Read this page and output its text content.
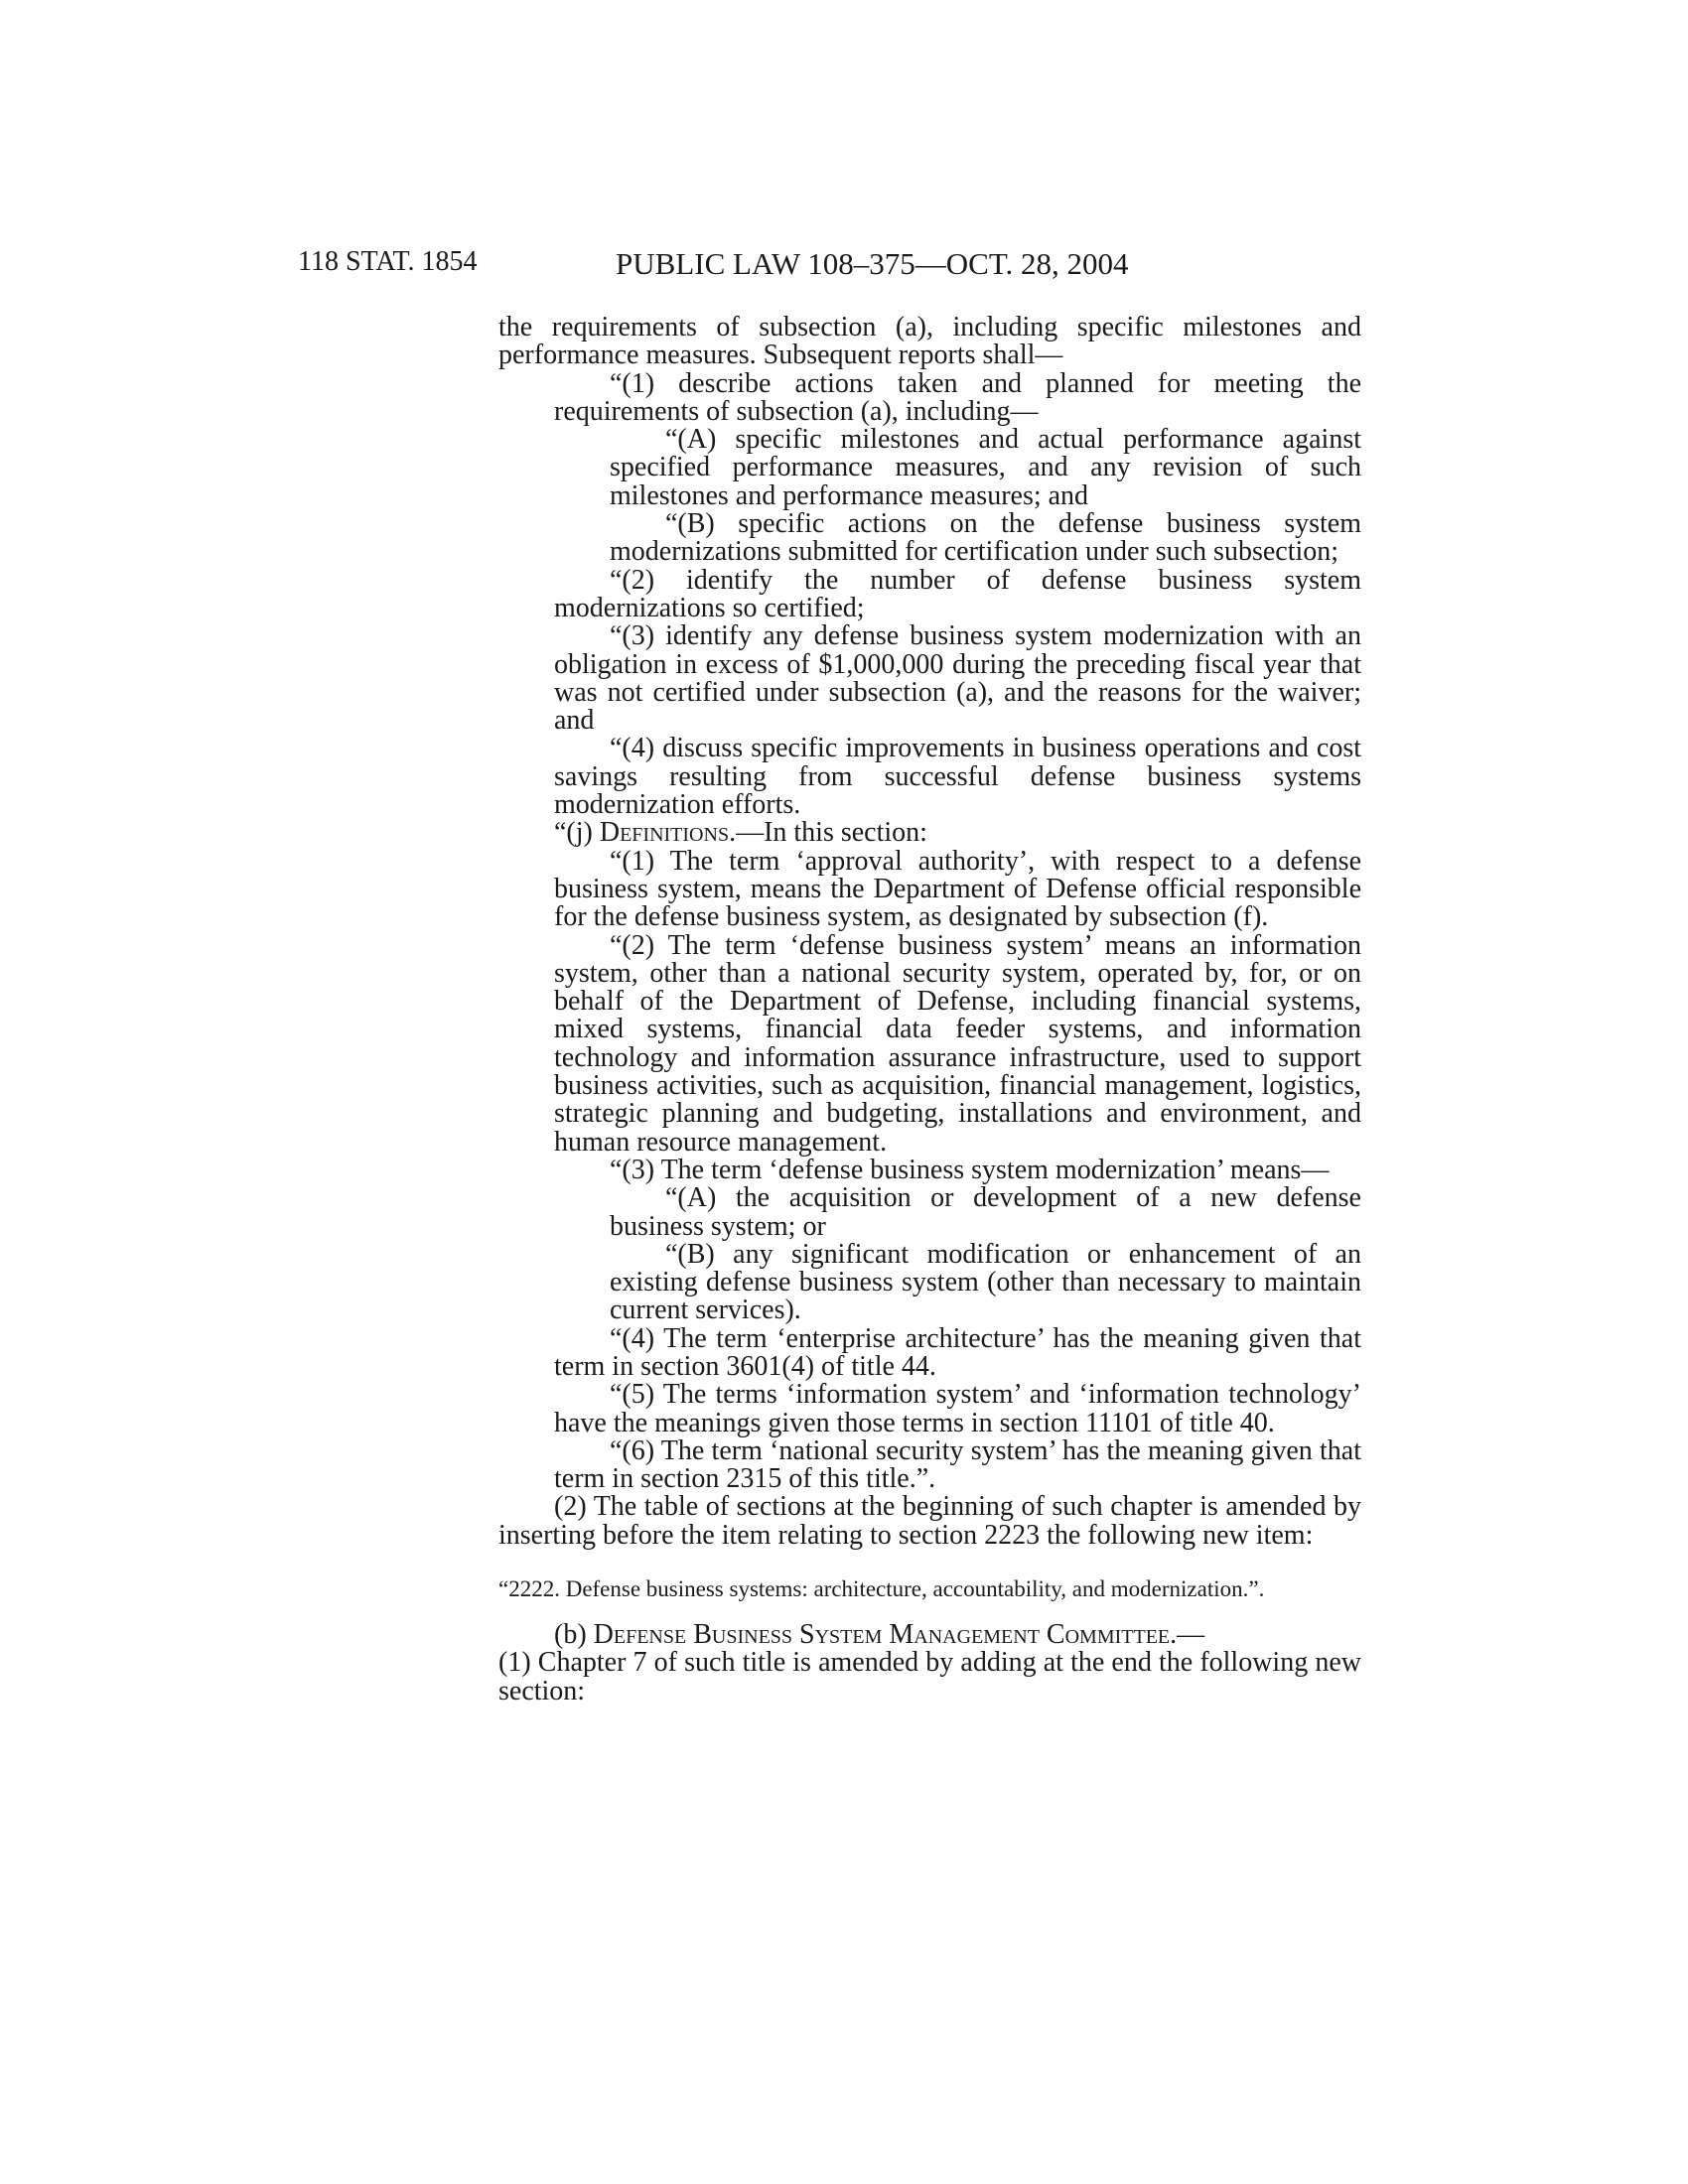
118 STAT. 1854	PUBLIC LAW 108–375—OCT. 28, 2004

the requirements of subsection (a), including specific milestones and performance measures. Subsequent reports shall—

“(1) describe actions taken and planned for meeting the requirements of subsection (a), including—

“(A) specific milestones and actual performance against specified performance measures, and any revision of such milestones and performance measures; and

“(B) specific actions on the defense business system modernizations submitted for certification under such subsection;

“(2) identify the number of defense business system modernizations so certified;

“(3) identify any defense business system modernization with an obligation in excess of $1,000,000 during the preceding fiscal year that was not certified under subsection (a), and the reasons for the waiver; and

“(4) discuss specific improvements in business operations and cost savings resulting from successful defense business systems modernization efforts.

“(j) Definitions.—In this section:

“(1) The term ‘approval authority’, with respect to a defense business system, means the Department of Defense official responsible for the defense business system, as designated by subsection (f).

“(2) The term ‘defense business system’ means an information system, other than a national security system, operated by, for, or on behalf of the Department of Defense, including financial systems, mixed systems, financial data feeder systems, and information technology and information assurance infrastructure, used to support business activities, such as acquisition, financial management, logistics, strategic planning and budgeting, installations and environment, and human resource management.

“(3) The term ‘defense business system modernization’ means—

“(A) the acquisition or development of a new defense business system; or

“(B) any significant modification or enhancement of an existing defense business system (other than necessary to maintain current services).

“(4) The term ‘enterprise architecture’ has the meaning given that term in section 3601(4) of title 44.

“(5) The terms ‘information system’ and ‘information technology’ have the meanings given those terms in section 11101 of title 40.

“(6) The term ‘national security system’ has the meaning given that term in section 2315 of this title.”.

(2) The table of sections at the beginning of such chapter is amended by inserting before the item relating to section 2223 the following new item:

“2222. Defense business systems: architecture, accountability, and modernization.”.

(b) Defense Business System Management Committee.—
(1) Chapter 7 of such title is amended by adding at the end the following new section:
